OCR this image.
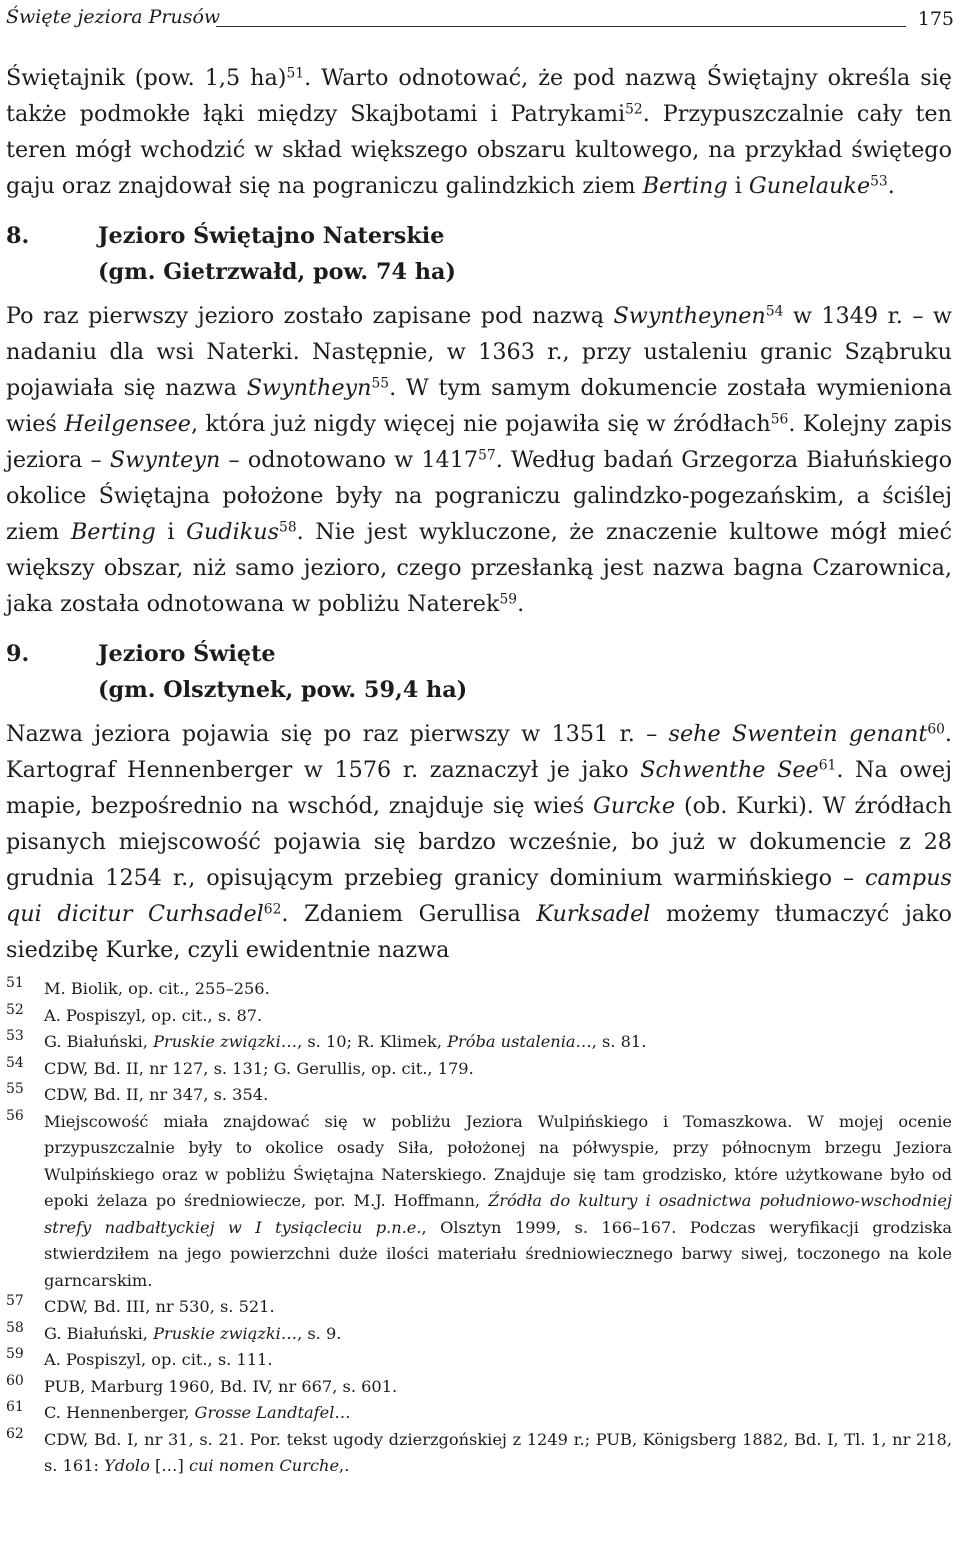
Święte jeziora Prusów	175

Świętajnik (pow. 1,5 ha)$^{51}$. Warto odnotować, że pod nazwą Świętajny określa się także podmokłe łąki między Skajbotami i Patrykami$^{52}$. Przypuszczalnie cały ten teren mógł wchodzić w skład większego obszaru kultowego, na przykład świętego gaju oraz znajdował się na pograniczu galindzkich ziem Berting i Gunelauke$^{53}$.

8.	Jezioro Świętajno Naterskie
(gm. Gietrzwałd, pow. 74 ha)

Po raz pierwszy jezioro zostało zapisane pod nazwą Swyntheynen$^{54}$ w 1349 r. – w nadaniu dla wsi Naterki. Następnie, w 1363 r., przy ustaleniu granic Sząbruku pojawiała się nazwa Swyntheyn$^{55}$. W tym samym dokumencie została wymieniona wieś Heilgensee, która już nigdy więcej nie pojawiła się w źródłach$^{56}$. Kolejny zapis jeziora – Swynteyn – odnotowano w 1417$^{57}$. Według badań Grzegorza Białuńskiego okolice Świętajna położone były na pograniczu galindzko-pogezańskim, a ściślej ziem Berting i Gudikus$^{58}$. Nie jest wykluczone, że znaczenie kultowe mógł mieć większy obszar, niż samo jezioro, czego przesłanką jest nazwa bagna Czarownica, jaka została odnotowana w pobliżu Naterek$^{59}$.

9.	Jezioro Święte
(gm. Olsztynek, pow. 59,4 ha)

Nazwa jeziora pojawia się po raz pierwszy w 1351 r. – sehe Swentein genant$^{60}$. Kartograf Hennenberger w 1576 r. zaznaczył je jako Schwenthe See$^{61}$. Na owej mapie, bezpośrednio na wschód, znajduje się wieś Gurcke (ob. Kurki). W źródłach pisanych miejscowość pojawia się bardzo wcześnie, bo już w dokumencie z 28 grudnia 1254 r., opisującym przebieg granicy dominium warmińskiego – campus qui dicitur Curhsadel$^{62}$. Zdaniem Gerullisa Kurksadel możemy tłumaczyć jako siedzibę Kurke, czyli ewidentnie nazwa

51 M. Biolik, op. cit., 255–256.

52 A. Pospiszyl, op. cit., s. 87.

53 G. Białuński, Pruskie związki…, s. 10; R. Klimek, Próba ustalenia…, s. 81.

54 CDW, Bd. II, nr 127, s. 131; G. Gerullis, op. cit., 179.

55 CDW, Bd. II, nr 347, s. 354.

56 Miejscowość miała znajdować się w pobliżu Jeziora Wulpińskiego i Tomaszkowa. W mojej ocenie przypuszczalnie były to okolice osady Siła, położonej na półwyspie, przy północnym brzegu Jeziora Wulpińskiego oraz w pobliżu Świętajna Naterskiego. Znajduje się tam grodzisko, które użytkowane było od epoki żelaza po średniowiecze, por. M.J. Hoffmann, Źródła do kultury i osadnictwa południowo-wschodniej strefy nadbałtyckiej w I tysiącleciu p.n.e., Olsztyn 1999, s. 166–167. Podczas weryfikacji grodziska stwierdziłem na jego powierzchni duże ilości materiału średniowiecznego barwy siwej, toczonego na kole garncarskim.

57 CDW, Bd. III, nr 530, s. 521.

58 G. Białuński, Pruskie związki…, s. 9.

59 A. Pospiszyl, op. cit., s. 111.

60 PUB, Marburg 1960, Bd. IV, nr 667, s. 601.

61 C. Hennenberger, Grosse Landtafel…

62 CDW, Bd. I, nr 31, s. 21. Por. tekst ugody dzierzgońskiej z 1249 r.; PUB, Königsberg 1882, Bd. I, Tl. 1, nr 218, s. 161: Ydolo […] cui nomen Curche,.
